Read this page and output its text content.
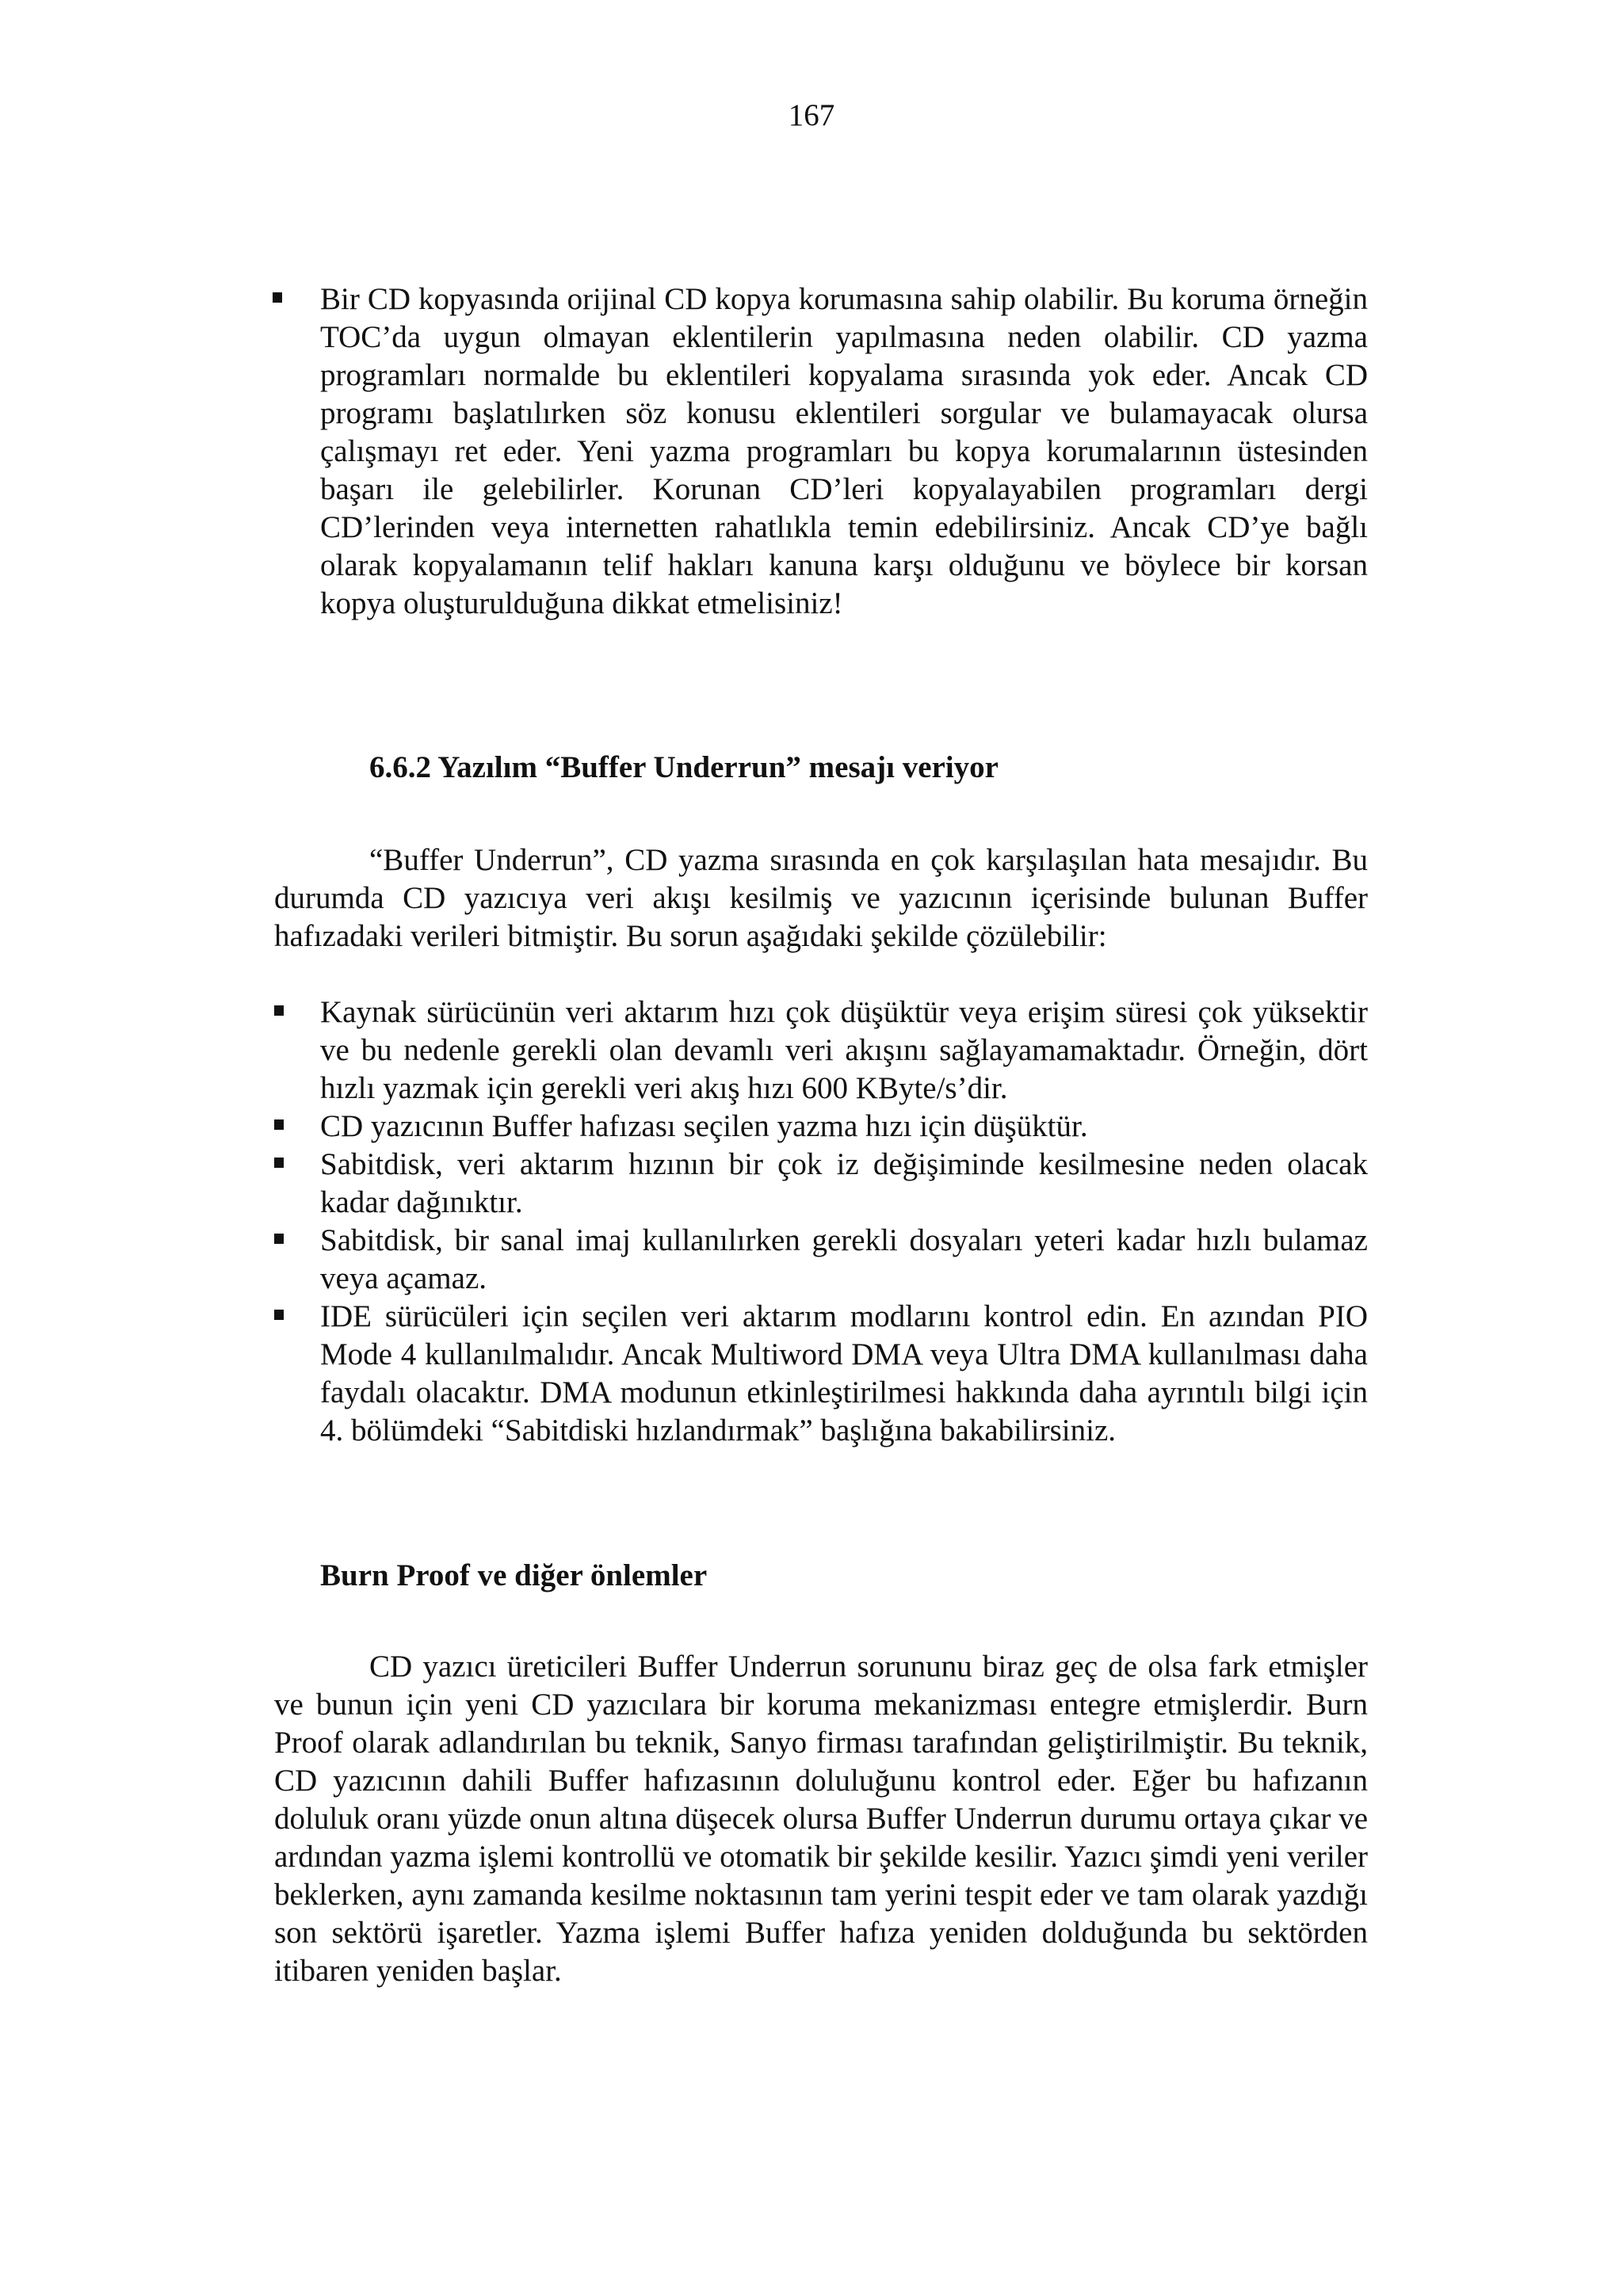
167

Bir CD kopyasında orijinal CD kopya korumasına sahip olabilir. Bu koruma örneğin TOC’da uygun olmayan eklentilerin yapılmasına neden olabilir. CD yazma programları normalde bu eklentileri kopyalama sırasında yok eder. Ancak CD programı başlatılırken söz konusu eklentileri sorgular ve bulamayacak olursa çalışmayı ret eder. Yeni yazma programları bu kopya korumalarının üstesinden başarı ile gelebilirler. Korunan CD’leri kopyalayabilen programları dergi CD’lerinden veya internetten rahatlıkla temin edebilirsiniz. Ancak CD’ye bağlı olarak kopyalamanın telif hakları kanuna karşı olduğunu ve böylece bir korsan kopya oluşturulduğuna dikkat etmelisiniz!

6.6.2 Yazılım “Buffer Underrun” mesajı veriyor

“Buffer Underrun”, CD yazma sırasında en çok karşılaşılan hata mesajıdır. Bu durumda CD yazıcıya veri akışı kesilmiş ve yazıcının içerisinde bulunan Buffer hafızadaki verileri bitmiştir. Bu sorun aşağıdaki şekilde çözülebilir:

Kaynak sürücünün veri aktarım hızı çok düşüktür veya erişim süresi çok yüksektir ve bu nedenle gerekli olan devamlı veri akışını sağlayamamaktadır. Örneğin, dört hızlı yazmak için gerekli veri akış hızı 600 KByte/s’dir.

CD yazıcının Buffer hafızası seçilen yazma hızı için düşüktür.

Sabitdisk, veri aktarım hızının bir çok iz değişiminde kesilmesine neden olacak kadar dağınıktır.

Sabitdisk, bir sanal imaj kullanılırken gerekli dosyaları yeteri kadar hızlı bulamaz veya açamaz.

IDE sürücüleri için seçilen veri aktarım modlarını kontrol edin. En azından PIO Mode 4 kullanılmalıdır. Ancak Multiword DMA veya Ultra DMA kullanılması daha faydalı olacaktır. DMA modunun etkinleştirilmesi hakkında daha ayrıntılı bilgi için 4. bölümdeki “Sabitdiski hızlandırmak” başlığına bakabilirsiniz.

Burn Proof ve diğer önlemler

CD yazıcı üreticileri Buffer Underrun sorununu biraz geç de olsa fark etmişler ve bunun için yeni CD yazıcılara bir koruma mekanizması entegre etmişlerdir. Burn Proof olarak adlandırılan bu teknik, Sanyo firması tarafından geliştirilmiştir. Bu teknik, CD yazıcının dahili Buffer hafızasının doluluğunu kontrol eder. Eğer bu hafızanın doluluk oranı yüzde onun altına düşecek olursa Buffer Underrun durumu ortaya çıkar ve ardından yazma işlemi kontrollü ve otomatik bir şekilde kesilir. Yazıcı şimdi yeni veriler beklerken, aynı zamanda kesilme noktasının tam yerini tespit eder ve tam olarak yazdığı son sektörü işaretler. Yazma işlemi Buffer hafıza yeniden dolduğunda bu sektörden itibaren yeniden başlar.
